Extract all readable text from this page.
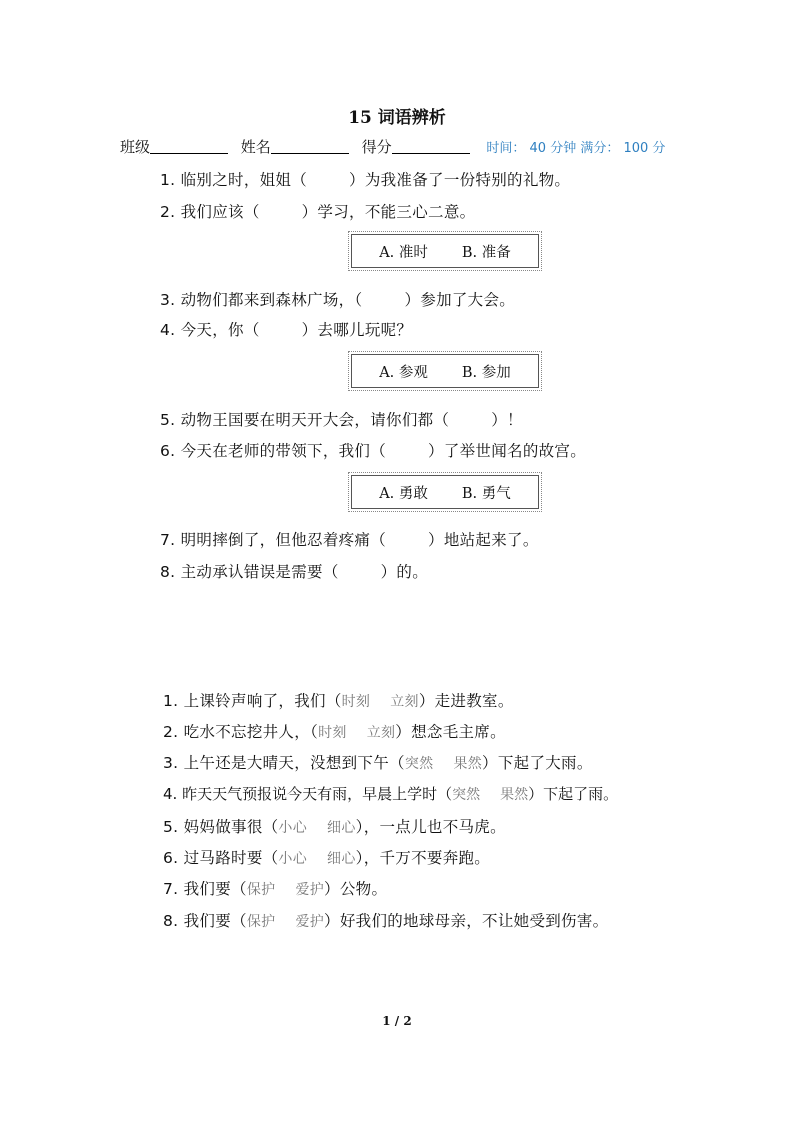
15 词语辨析
班级	姓名	得分	时间： 40 分钟 满分： 100 分
1. 临别之时，姐姐（	）为我准备了一份特别的礼物。
2. 我们应该（	）学习，不能三心二意。
A. 准时 B. 准备
3. 动物们都来到森林广场，（	）参加了大会。
4. 今天，你（	）去哪儿玩呢？
A. 参观 B. 参加
5. 动物王国要在明天开大会，请你们都（	）！
6. 今天在老师的带领下，我们（	）了举世闻名的故宫。
A. 勇敢 B. 勇气
7. 明明摔倒了，但他忍着疼痛（	）地站起来了。
8. 主动承认错误是需要（	）的。
1. 上课铃声响了，我们（时刻 立刻）走进教室。
2. 吃水不忘挖井人，（时刻 立刻）想念毛主席。
3. 上午还是大晴天，没想到下午（突然 果然）下起了大雨。
4. 昨天天气预报说今天有雨，早晨上学时（突然 果然）下起了雨。
5. 妈妈做事很（小心 细心），一点儿也不马虎。
6. 过马路时要（小心 细心），千万不要奔跑。
7. 我们要（保护 爱护）公物。
8. 我们要（保护 爱护）好我们的地球母亲，不让她受到伤害。
1 / 2
